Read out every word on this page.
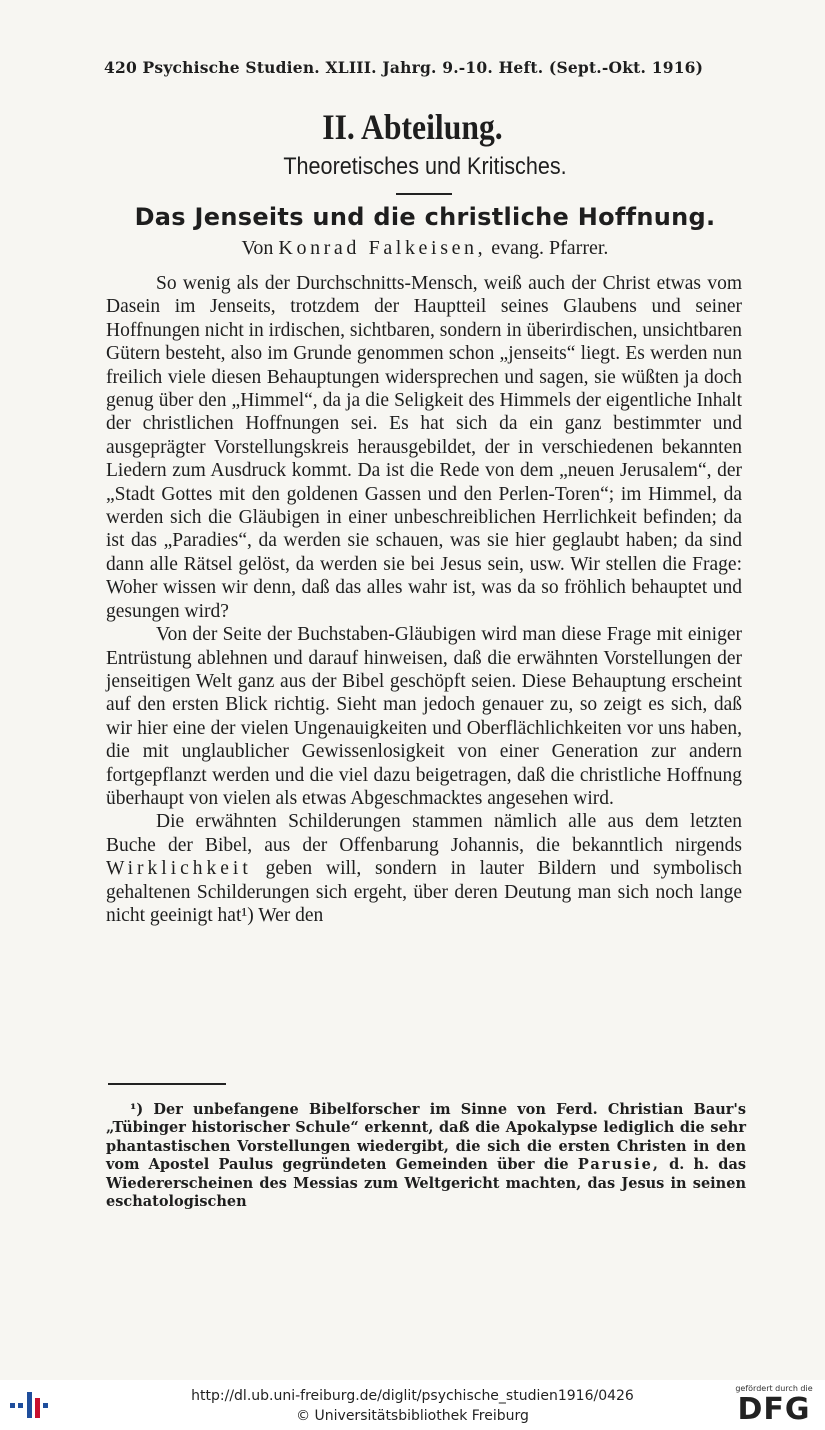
420 Psychische Studien. XLIII. Jahrg. 9.-10. Heft. (Sept.-Okt. 1916)
II. Abteilung.
Theoretisches und Kritisches.
Das Jenseits und die christliche Hoffnung.
Von Konrad Falkeisen, evang. Pfarrer.

So wenig als der Durchschnitts-Mensch, weiß auch der Christ etwas vom Dasein im Jenseits, trotzdem der Hauptteil seines Glaubens und seiner Hoffnungen nicht in irdischen, sichtbaren, sondern in überirdischen, unsichtbaren Gütern besteht, also im Grunde genommen schon „jenseits“ liegt. Es werden nun freilich viele diesen Behauptungen widersprechen und sagen, sie wüßten ja doch genug über den „Himmel“, da ja die Seligkeit des Himmels der eigentliche Inhalt der christlichen Hoffnungen sei. Es hat sich da ein ganz bestimmter und ausgeprägter Vorstellungskreis herausgebildet, der in verschiedenen bekannten Liedern zum Ausdruck kommt. Da ist die Rede von dem „neuen Jerusalem“, der „Stadt Gottes mit den goldenen Gassen und den Perlen-Toren“; im Himmel, da werden sich die Gläubigen in einer unbeschreiblichen Herrlichkeit befinden; da ist das „Paradies“, da werden sie schauen, was sie hier geglaubt haben; da sind dann alle Rätsel gelöst, da werden sie bei Jesus sein, usw. Wir stellen die Frage: Woher wissen wir denn, daß das alles wahr ist, was da so fröhlich behauptet und gesungen wird?

Von der Seite der Buchstaben-Gläubigen wird man diese Frage mit einiger Entrüstung ablehnen und darauf hinweisen, daß die erwähnten Vorstellungen der jenseitigen Welt ganz aus der Bibel geschöpft seien. Diese Behauptung erscheint auf den ersten Blick richtig. Sieht man jedoch genauer zu, so zeigt es sich, daß wir hier eine der vielen Ungenauigkeiten und Oberflächlichkeiten vor uns haben, die mit unglaublicher Gewissenlosigkeit von einer Generation zur andern fortgepflanzt werden und die viel dazu beigetragen, daß die christliche Hoffnung überhaupt von vielen als etwas Abgeschmacktes angesehen wird.

Die erwähnten Schilderungen stammen nämlich alle aus dem letzten Buche der Bibel, aus der Offenbarung Johannis, die bekanntlich nirgends Wirklichkeit geben will, sondern in lauter Bildern und symbolisch gehaltenen Schilderungen sich ergeht, über deren Deutung man sich noch lange nicht geeinigt hat¹) Wer den

¹) Der unbefangene Bibelforscher im Sinne von Ferd. Christian Baur's „Tübinger historischer Schule“ erkennt, daß die Apokalypse lediglich die sehr phantastischen Vorstellungen wiedergibt, die sich die ersten Christen in den vom Apostel Paulus gegründeten Gemeinden über die Parusie, d. h. das Wiedererscheinen des Messias zum Weltgericht machten, das Jesus in seinen eschatologischen

http://dl.ub.uni-freiburg.de/diglit/psychische_studien1916/0426
© Universitätsbibliothek Freiburg
gefördert durch die
DFG
